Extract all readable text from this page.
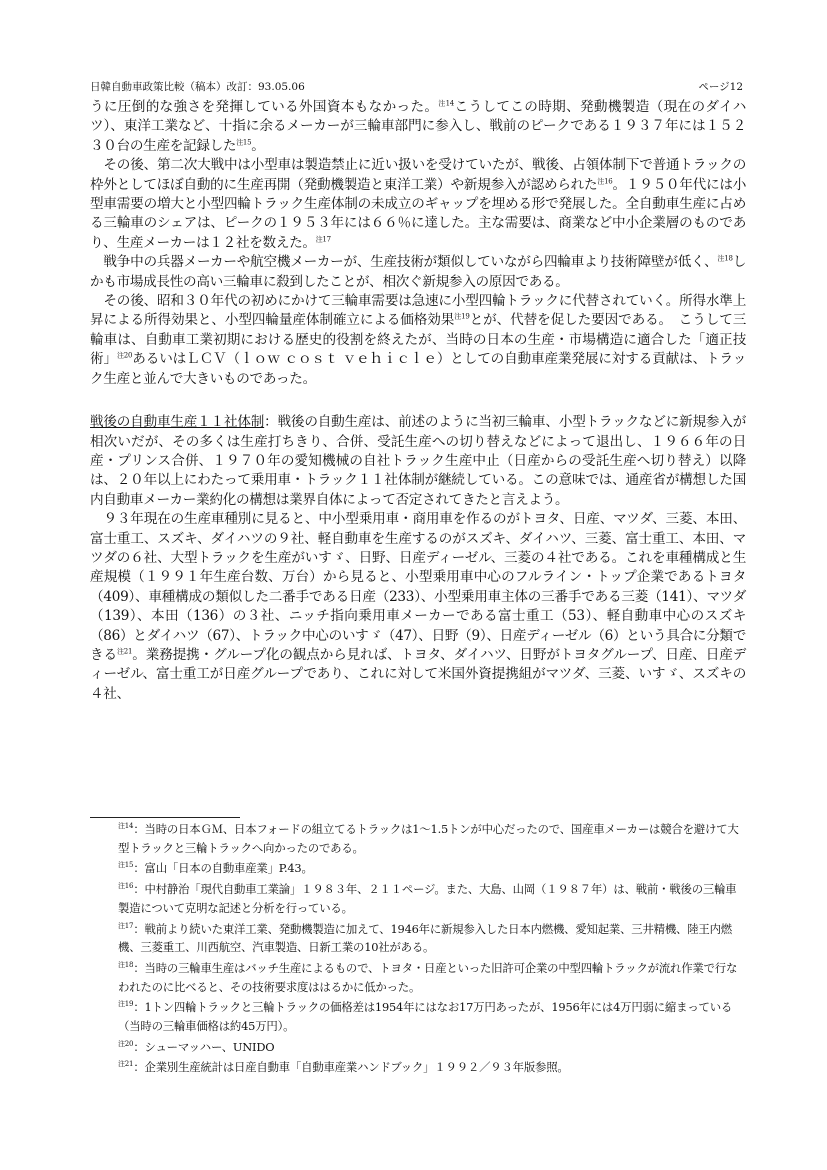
日韓自動車政策比較（稿本）改訂：93.05.06	ページ12

うに圧倒的な強さを発揮している外国資本もなかった。$^{注14}$こうしてこの時期、発動機製造（現在のダイハツ）、東洋工業など、十指に余るメーカーが三輪車部門に参入し、戦前のピークである１９３７年には１５２３０台の生産を記録した$^{注15}$。

　その後、第二次大戦中は小型車は製造禁止に近い扱いを受けていたが、戦後、占領体制下で普通トラックの枠外としてほぼ自動的に生産再開（発動機製造と東洋工業）や新規参入が認められた$^{注16}$。１９５０年代には小型車需要の増大と小型四輪トラック生産体制の未成立のギャップを埋める形で発展した。全自動車生産に占める三輪車のシェアは、ピークの１９５３年には６６％に達した。主な需要は、商業など中小企業層のものであり、生産メーカーは１２社を数えた。$^{注17}$

　戦争中の兵器メーカーや航空機メーカーが、生産技術が類似していながら四輪車より技術障壁が低く、$^{注18}$しかも市場成長性の高い三輪車に殺到したことが、相次ぐ新規参入の原因である。

　その後、昭和３０年代の初めにかけて三輪車需要は急速に小型四輪トラックに代替されていく。所得水準上昇による所得効果と、小型四輪量産体制確立による価格効果$^{注19}$とが、代替を促した要因である。　こうして三輪車は、自動車工業初期における歴史的役割を終えたが、当時の日本の生産・市場構造に適合した「適正技術」$^{注20}$あるいはＬＣＶ（ｌｏｗ ｃｏｓｔ ｖｅｈｉｃｌｅ）としての自動車産業発展に対する貢献は、トラック生産と並んで大きいものであった。

戦後の自動車生産１１社体制：戦後の自動生産は、前述のように当初三輪車、小型トラックなどに新規参入が相次いだが、その多くは生産打ちきり、合併、受託生産への切り替えなどによって退出し、１９６６年の日産・プリンス合併、１９７０年の愛知機械の自社トラック生産中止（日産からの受託生産へ切り替え）以降は、２０年以上にわたって乗用車・トラック１１社体制が継続している。この意味では、通産省が構想した国内自動車メーカー業約化の構想は業界自体によって否定されてきたと言えよう。

　９３年現在の生産車種別に見ると、中小型乗用車・商用車を作るのがトヨタ、日産、マツダ、三菱、本田、富士重工、スズキ、ダイハツの９社、軽自動車を生産するのがスズキ、ダイハツ、三菱、富士重工、本田、マツダの６社、大型トラックを生産がいすゞ、日野、日産ディーゼル、三菱の４社である。これを車種構成と生産規模（１９９１年生産台数、万台）から見ると、小型乗用車中心のフルライン・トップ企業であるトヨタ（409）、車種構成の類似した二番手である日産（233）、小型乗用車主体の三番手である三菱（141）、マツダ（139）、本田（136）の３社、ニッチ指向乗用車メーカーである富士重工（53）、軽自動車中心のスズキ（86）とダイハツ（67）、トラック中心のいすゞ（47）、日野（9）、日産ディーゼル（6）という具合に分類できる$^{注21}$。業務提携・グループ化の観点から見れば、トヨタ、ダイハツ、日野がトヨタグループ、日産、日産ディーゼル、富士重工が日産グループであり、これに対して米国外資提携組がマツダ、三菱、いすゞ、スズキの４社、

$^{注14}$：当時の日本ＧＭ、日本フォードの組立てるトラックは1～1.5トンが中心だったので、国産車メーカーは競合を避けて大型トラックと三輪トラックへ向かったのである。

$^{注15}$：富山「日本の自動車産業」P.43。

$^{注16}$：中村静治「現代自動車工業論」１９８３年、２１１ページ。また、大島、山岡（１９８７年）は、戦前・戦後の三輪車製造について克明な記述と分析を行っている。

$^{注17}$：戦前より続いた東洋工業、発動機製造に加えて、1946年に新規参入した日本内燃機、愛知起業、三井精機、陸王内燃機、三菱重工、川西航空、汽車製造、日新工業の10社がある。

$^{注18}$：当時の三輪車生産はバッチ生産によるもので、トヨタ・日産といった旧許可企業の中型四輪トラックが流れ作業で行なわれたのに比べると、その技術要求度ははるかに低かった。

$^{注19}$：1トン四輪トラックと三輪トラックの価格差は1954年にはなお17万円あったが、1956年には4万円弱に縮まっている（当時の三輪車価格は約45万円）。

$^{注20}$：シューマッハー、UNIDO

$^{注21}$：企業別生産統計は日産自動車「自動車産業ハンドブック」１９９２／９３年版参照。
